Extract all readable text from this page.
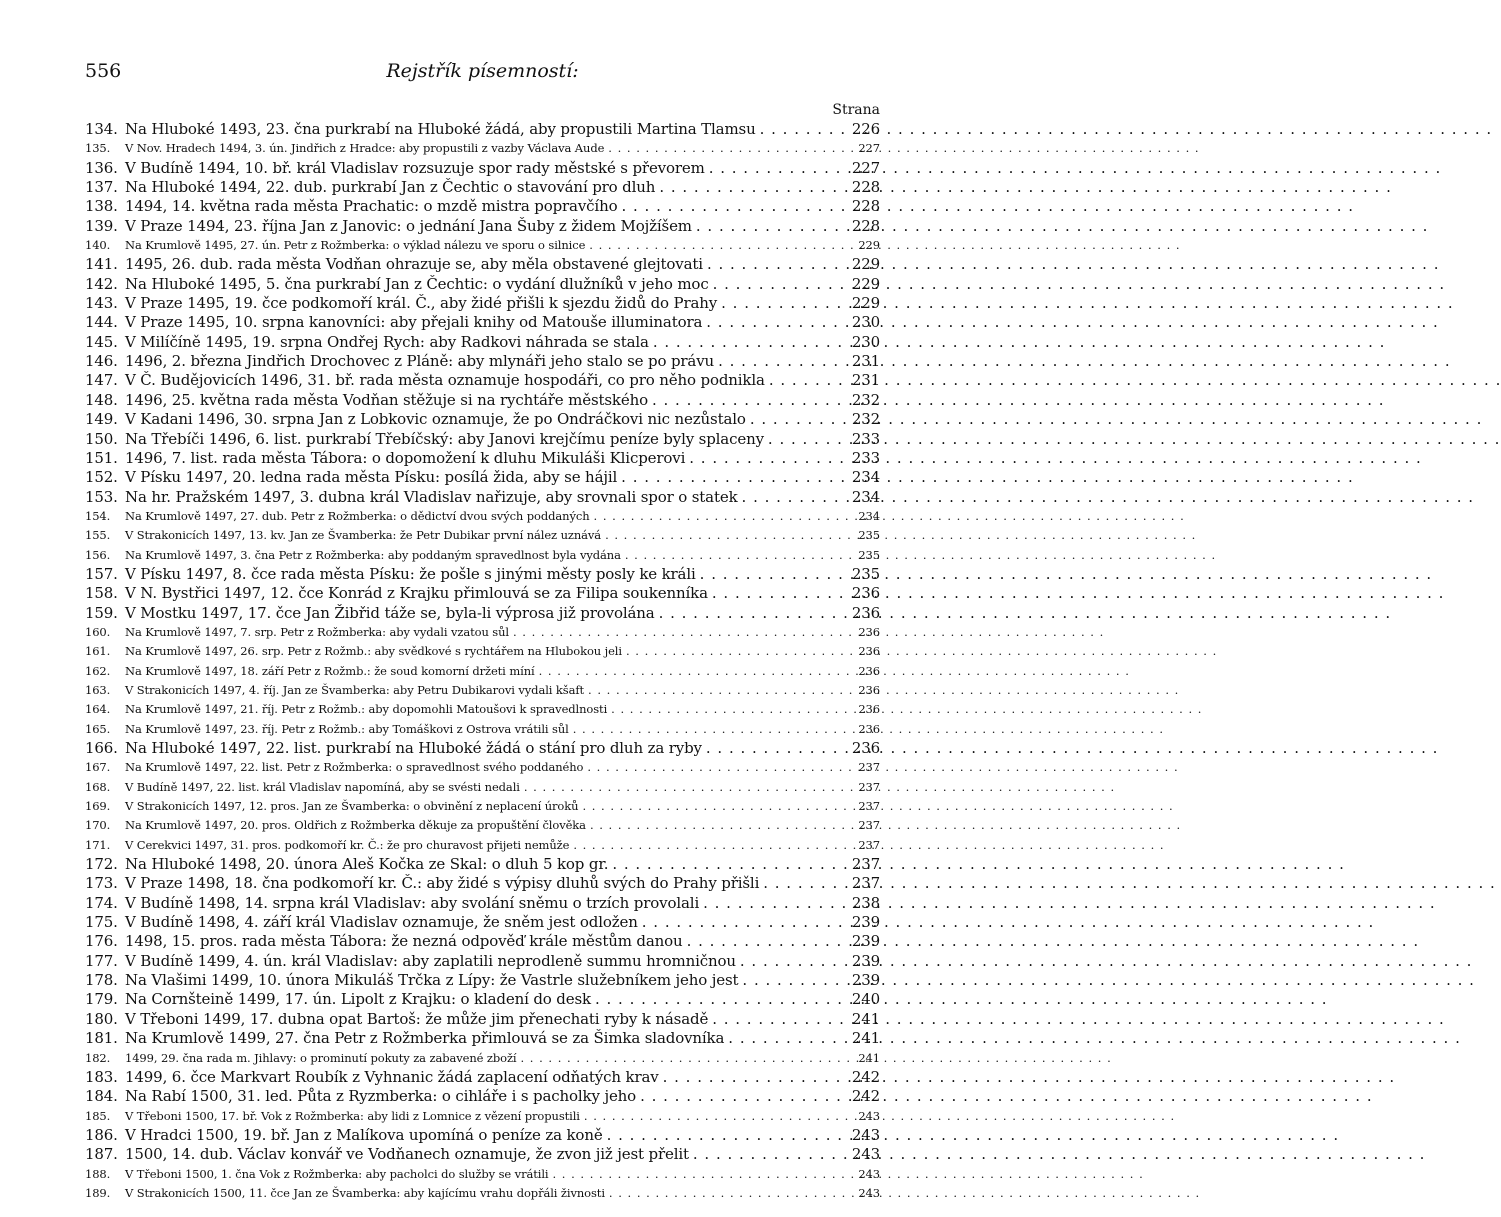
556	Rejstřík písemností:
Strana
134. Na Hluboké 1493, 23. čna purkrabí na Hluboké žádá, aby propustili Martina Tlamsu . . .	226
135.	V Nov. Hradech 1494, 3. ún. Jindřich z Hradce: aby propustili z vazby Václava Aude . . .	227
136. V Budíně 1494, 10. bř. král Vladislav rozsuzuje spor rady městské s převorem . . .	227
137. Na Hluboké 1494, 22. dub. purkrabí Jan z Čechtic o stavování pro dluh . . .	228
138. 1494, 14. května rada města Prachatic: o mzdě mistra popravčího . . .	228
139. V Praze 1494, 23. října Jan z Janovic: o jednání Jana Šuby z židem Mojžíšem . . .	228
140.	Na Krumlově 1495, 27. ún. Petr z Rožmberka: o výklad nálezu ve sporu o silnice . . .	229
141. 1495, 26. dub. rada města Vodňan ohrazuje se, aby měla obstavené glejtovati . . .	229
142. Na Hluboké 1495, 5. čna purkrabí Jan z Čechtic: o vydání dlužníků v jeho moc . . .	229
143. V Praze 1495, 19. čce podkomoří král. Č., aby židé přišli k sjezdu židů do Prahy . . .	229
144. V Praze 1495, 10. srpna kanovníci: aby přejali knihy od Matouše illuminatora . . .	230
145. V Milíčíně 1495, 19. srpna Ondřej Rych: aby Radkovi náhrada se stala . . .	230
146. 1496, 2. března Jindřich Drochovec z Pláně: aby mlynáři jeho stalo se po právu . . .	231
147. V Č. Budějovicích 1496, 31. bř. rada města oznamuje hospodáři, co pro něho podnikla . . .	231
148. 1496, 25. května rada města Vodňan stěžuje si na rychtáře městského . . .	232
149. V Kadani 1496, 30. srpna Jan z Lobkovic oznamuje, že po Ondráčkovi nic nezůstalo . . .	232
150. Na Třebíči 1496, 6. list. purkrabí Třebíčský: aby Janovi krejčímu peníze byly splaceny . . .	233
151. 1496, 7. list. rada města Tábora: o dopomožení k dluhu Mikuláši Klicperovi . . .	233
152. V Písku 1497, 20. ledna rada města Písku: posílá žida, aby se hájil . . .	234
153. Na hr. Pražském 1497, 3. dubna král Vladislav nařizuje, aby srovnali spor o statek . . .	234
154.	Na Krumlově 1497, 27. dub. Petr z Rožmberka: o dědictví dvou svých poddaných . . .	234
155.	V Strakonicích 1497, 13. kv. Jan ze Švamberka: že Petr Dubikar první nález uznává . . .	235
156.	Na Krumlově 1497, 3. čna Petr z Rožmberka: aby poddaným spravedlnost byla vydána . . .	235
157. V Písku 1497, 8. čce rada města Písku: že pošle s jinými městy posly ke králi . . .	235
158. V N. Bystřici 1497, 12. čce Konrád z Krajku přimlouvá se za Filipa soukenníka . . .	236
159. V Mostku 1497, 17. čce Jan Žibřid táže se, byla-li výprosa již provolána . . .	236
160.	Na Krumlově 1497, 7. srp. Petr z Rožmberka: aby vydali vzatou sůl . . .	236
161.	Na Krumlově 1497, 26. srp. Petr z Rožmb.: aby svědkové s rychtářem na Hlubokou jeli . . .	236
162.	Na Krumlově 1497, 18. září Petr z Rožmb.: že soud komorní držeti míní . . .	236
163.	V Strakonicích 1497, 4. říj. Jan ze Švamberka: aby Petru Dubikarovi vydali kšaft . . .	236
164.	Na Krumlově 1497, 21. říj. Petr z Rožmb.: aby dopomohli Matoušovi k spravedlnosti . . .	236
165.	Na Krumlově 1497, 23. říj. Petr z Rožmb.: aby Tomáškovi z Ostrova vrátili sůl . . .	236
166. Na Hluboké 1497, 22. list. purkrabí na Hluboké žádá o stání pro dluh za ryby . . .	236
167.	Na Krumlově 1497, 22. list. Petr z Rožmberka: o spravedlnost svého poddaného . . .	237
168.	V Budíně 1497, 22. list. král Vladislav napomíná, aby se svésti nedali . . .	237
169.	V Strakonicích 1497, 12. pros. Jan ze Švamberka: o obvinění z neplacení úroků . . .	237
170.	Na Krumlově 1497, 20. pros. Oldřich z Rožmberka děkuje za propuštění člověka . . .	237
171.	V Cerekvici 1497, 31. pros. podkomoří kr. Č.: že pro churavost přijeti nemůže . . .	237
172. Na Hluboké 1498, 20. února Aleš Kočka ze Skal: o dluh 5 kop gr. . . .	237
173. V Praze 1498, 18. čna podkomoří kr. Č.: aby židé s výpisy dluhů svých do Prahy přišli . . .	237
174. V Budíně 1498, 14. srpna král Vladislav: aby svolání sněmu o trzích provolali . . .	238
175. V Budíně 1498, 4. září král Vladislav oznamuje, že sněm jest odložen . . .	239
176. 1498, 15. pros. rada města Tábora: že nezná odpověď krále městům danou . . .	239
177. V Budíně 1499, 4. ún. král Vladislav: aby zaplatili neprodleně summu hromničnou . . .	239
178. Na Vlašimi 1499, 10. února Mikuláš Trčka z Lípy: že Vastrle služebníkem jeho jest . . .	239
179. Na Cornšteině 1499, 17. ún. Lipolt z Krajku: o kladení do desk . . .	240
180. V Třeboni 1499, 17. dubna opat Bartoš: že může jim přenechati ryby k násadě . . .	241
181. Na Krumlově 1499, 27. čna Petr z Rožmberka přimlouvá se za Šimka sladovníka . . .	241
182.	1499, 29. čna rada m. Jihlavy: o prominutí pokuty za zabavené zboží . . .	241
183. 1499, 6. čce Markvart Roubík z Vyhnanic žádá zaplacení odňatých krav . . .	242
184. Na Rabí 1500, 31. led. Půta z Ryzmberka: o cihláře i s pacholky jeho . . .	242
185.	V Třeboni 1500, 17. bř. Vok z Rožmberka: aby lidi z Lomnice z vězení propustili . . .	243
186. V Hradci 1500, 19. bř. Jan z Malíkova upomíná o peníze za koně . . .	243
187. 1500, 14. dub. Václav konvář ve Vodňanech oznamuje, že zvon již jest přelit . . .	243
188.	V Třeboni 1500, 1. čna Vok z Rožmberka: aby pacholci do služby se vrátili . . .	243
189.	V Strakonicích 1500, 11. čce Jan ze Švamberka: aby kajícímu vrahu dopřáli živnosti . . .	243
